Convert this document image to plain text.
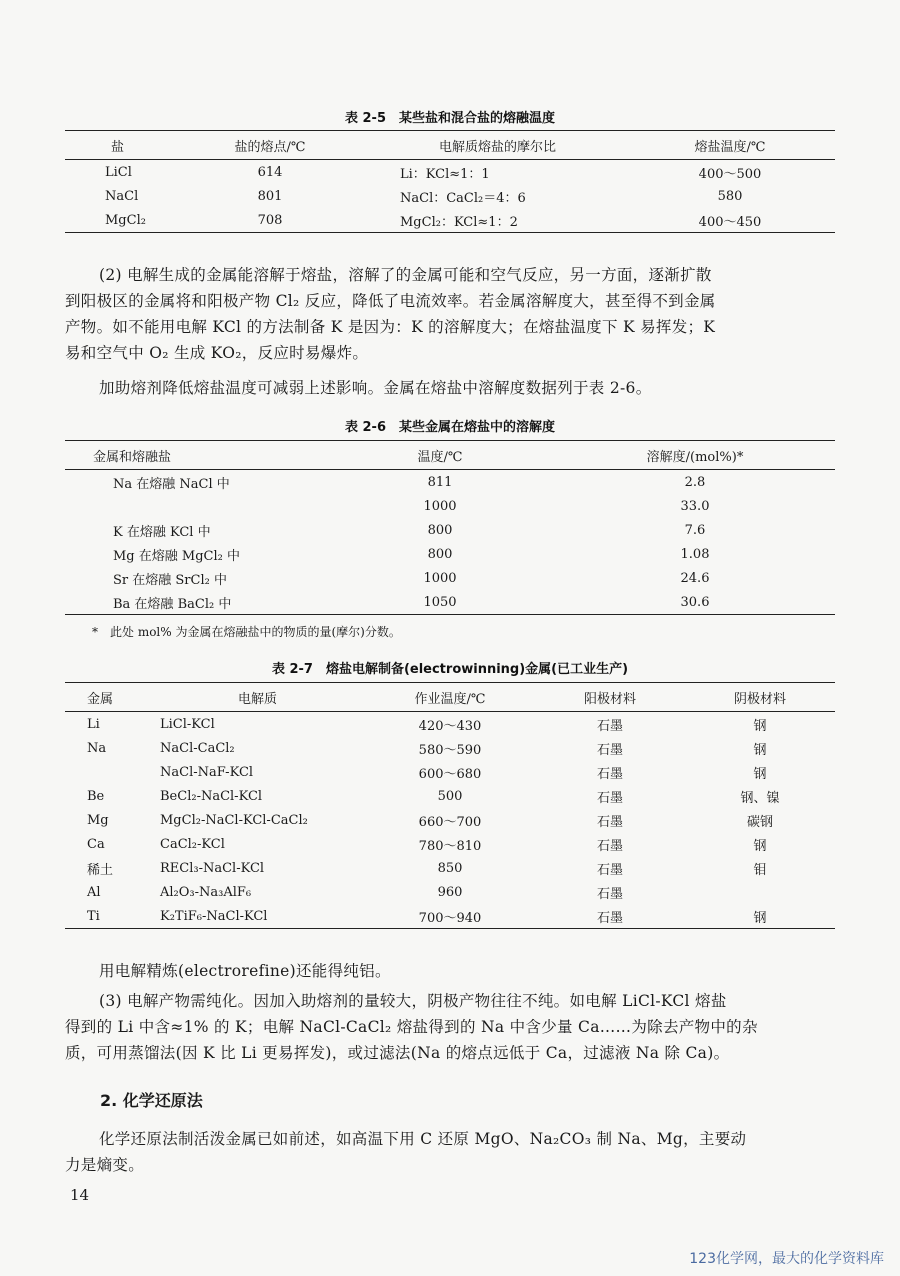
表 2-5　某些盐和混合盐的熔融温度
盐	盐的熔点/℃	电解质熔盐的摩尔比	熔盐温度/℃
LiCl	614	Li：KCl≈1：1	400～500
NaCl	801	NaCl：CaCl₂＝4：6	580
MgCl₂	708	MgCl₂：KCl≈1：2	400～450

(2) 电解生成的金属能溶解于熔盐，溶解了的金属可能和空气反应，另一方面，逐渐扩散
到阳极区的金属将和阳极产物 Cl₂ 反应，降低了电流效率。若金属溶解度大，甚至得不到金属
产物。如不能用电解 KCl 的方法制备 K 是因为：K 的溶解度大；在熔盐温度下 K 易挥发；K
易和空气中 O₂ 生成 KO₂，反应时易爆炸。

加助熔剂降低熔盐温度可减弱上述影响。金属在熔盐中溶解度数据列于表 2-6。

表 2-6　某些金属在熔盐中的溶解度
金属和熔融盐	温度/℃	溶解度/(mol%)*
Na 在熔融 NaCl 中	811	2.8
	1000	33.0
K 在熔融 KCl 中	800	7.6
Mg 在熔融 MgCl₂ 中	800	1.08
Sr 在熔融 SrCl₂ 中	1000	24.6
Ba 在熔融 BaCl₂ 中	1050	30.6
*　此处 mol% 为金属在熔融盐中的物质的量(摩尔)分数。
表 2-7　熔盐电解制备(electrowinning)金属(已工业生产)
金属	电解质	作业温度/℃	阳极材料	阴极材料
Li	LiCl-KCl	420～430	石墨	钢
Na	NaCl-CaCl₂	580～590	石墨	钢
	NaCl-NaF-KCl	600～680	石墨	钢
Be	BeCl₂-NaCl-KCl	500	石墨	钢、镍
Mg	MgCl₂-NaCl-KCl-CaCl₂	660～700	石墨	碳钢
Ca	CaCl₂-KCl	780～810	石墨	钢
稀土	RECl₃-NaCl-KCl	850	石墨	钼
Al	Al₂O₃-Na₃AlF₆	960	石墨	
Ti	K₂TiF₆-NaCl-KCl	700～940	石墨	钢

用电解精炼(electrorefine)还能得纯铝。

(3) 电解产物需纯化。因加入助熔剂的量较大，阴极产物往往不纯。如电解 LiCl-KCl 熔盐
得到的 Li 中含≈1% 的 K；电解 NaCl-CaCl₂ 熔盐得到的 Na 中含少量 Ca……为除去产物中的杂
质，可用蒸馏法(因 K 比 Li 更易挥发)，或过滤法(Na 的熔点远低于 Ca，过滤液 Na 除 Ca)。

2. 化学还原法

化学还原法制活泼金属已如前述，如高温下用 C 还原 MgO、Na₂CO₃ 制 Na、Mg，主要动
力是熵变。

14
123化学网，最大的化学资料库
